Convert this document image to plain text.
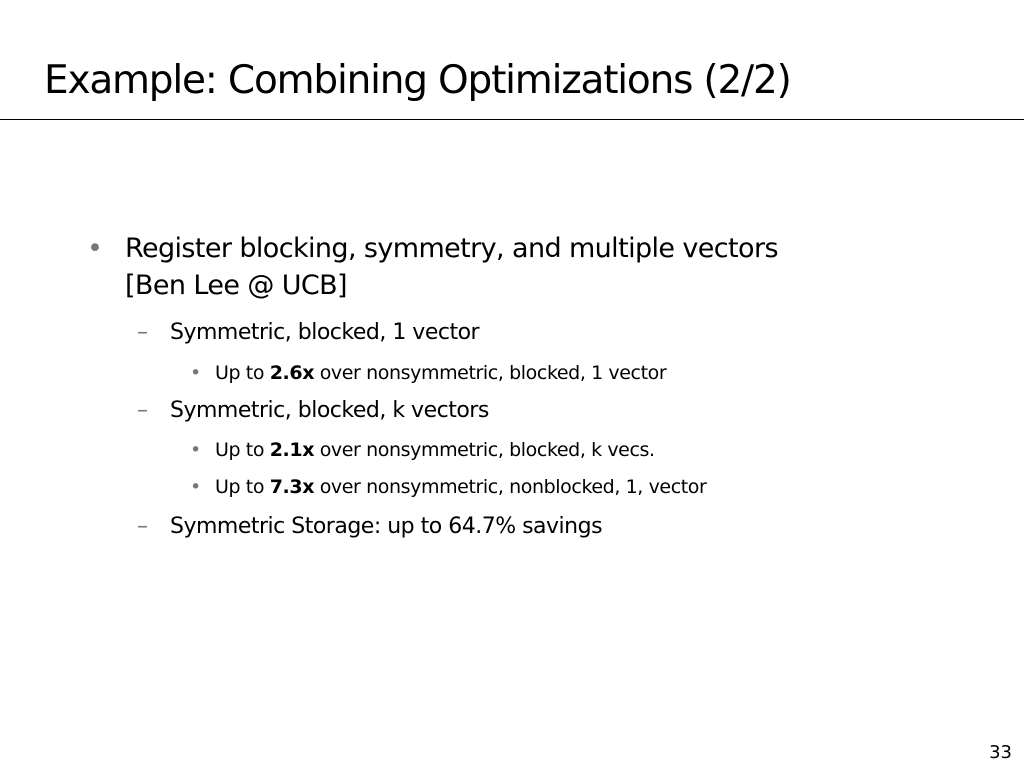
Example: Combining Optimizations (2/2)
• Register blocking, symmetry, and multiple vectors
[Ben Lee @ UCB]
– Symmetric, blocked, 1 vector
• Up to 2.6x over nonsymmetric, blocked, 1 vector
– Symmetric, blocked, k vectors
• Up to 2.1x over nonsymmetric, blocked, k vecs.
• Up to 7.3x over nonsymmetric, nonblocked, 1, vector
– Symmetric Storage: up to 64.7% savings
33
